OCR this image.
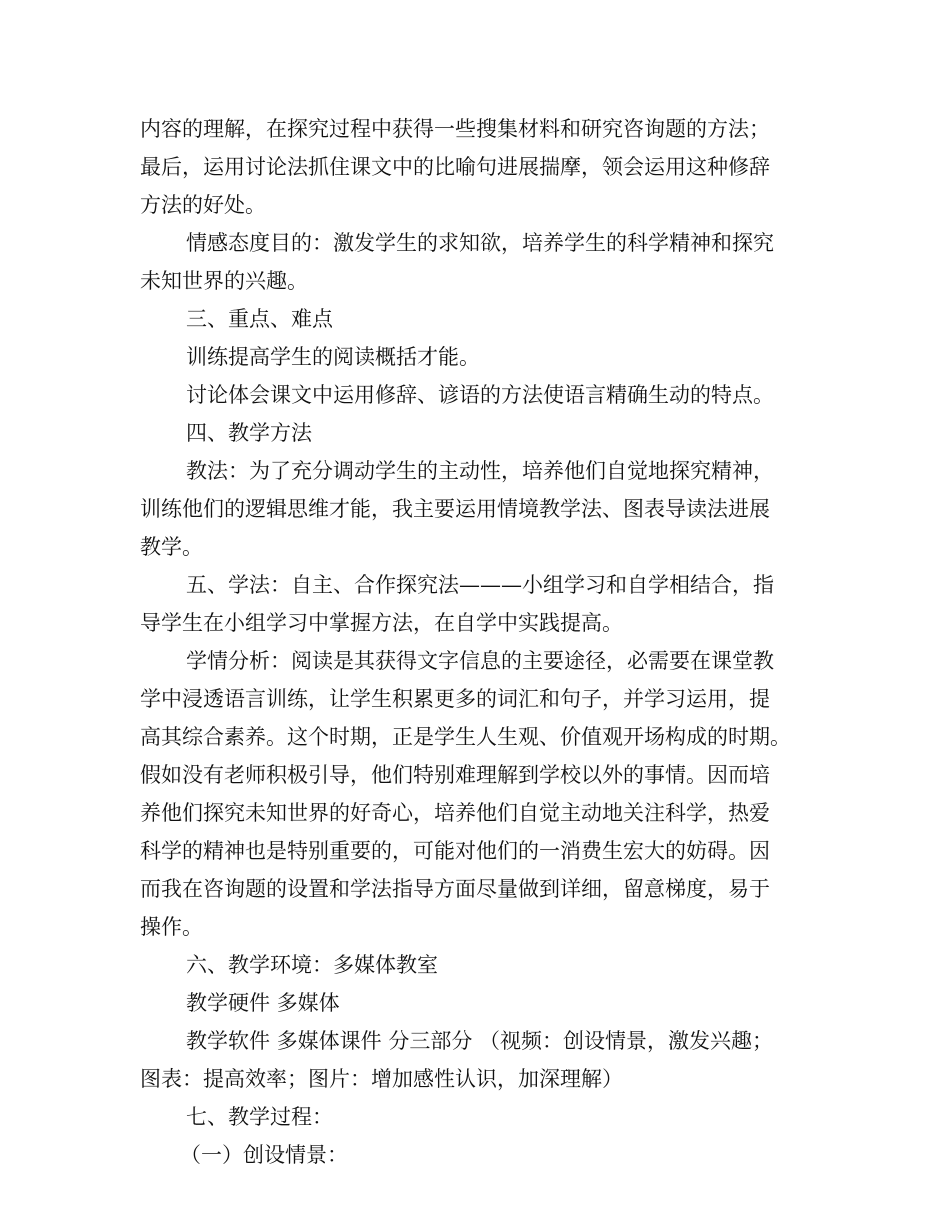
内容的理解，在探究过程中获得一些搜集材料和研究咨询题的方法；

最后，运用讨论法抓住课文中的比喻句进展揣摩，领会运用这种修辞

方法的好处。

情感态度目的：激发学生的求知欲，培养学生的科学精神和探究

未知世界的兴趣。

三、重点、难点

训练提高学生的阅读概括才能。

讨论体会课文中运用修辞、谚语的方法使语言精确生动的特点。

四、教学方法

教法：为了充分调动学生的主动性，培养他们自觉地探究精神，

训练他们的逻辑思维才能，我主要运用情境教学法、图表导读法进展

教学。

五、学法：自主、合作探究法———小组学习和自学相结合，指

导学生在小组学习中掌握方法，在自学中实践提高。

学情分析：阅读是其获得文字信息的主要途径，必需要在课堂教

学中浸透语言训练，让学生积累更多的词汇和句子，并学习运用，提

高其综合素养。这个时期，正是学生人生观、价值观开场构成的时期。

假如没有老师积极引导，他们特别难理解到学校以外的事情。因而培

养他们探究未知世界的好奇心，培养他们自觉主动地关注科学，热爱

科学的精神也是特别重要的，可能对他们的一消费生宏大的妨碍。因

而我在咨询题的设置和学法指导方面尽量做到详细，留意梯度，易于

操作。

六、教学环境：多媒体教室

教学硬件 多媒体

教学软件 多媒体课件 分三部分 （视频：创设情景，激发兴趣；

图表：提高效率；图片：增加感性认识，加深理解）

七、教学过程：

（一）创设情景：
